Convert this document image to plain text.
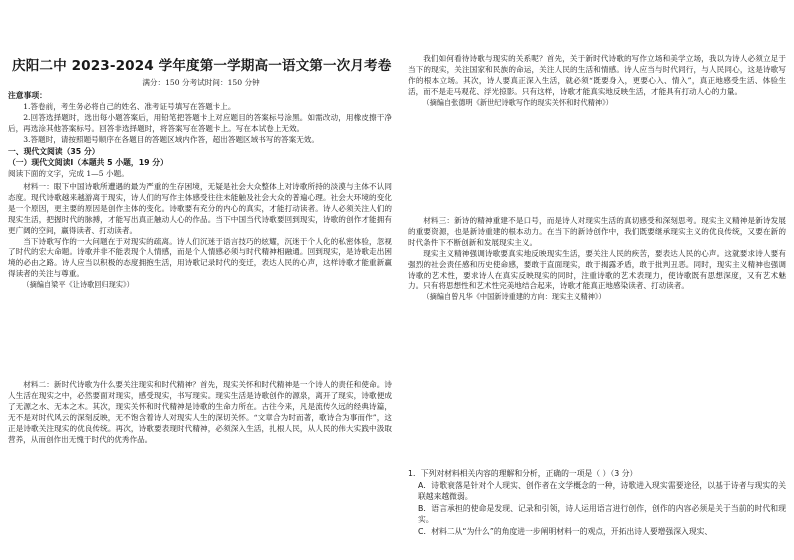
庆阳二中 2023-2024 学年度第一学期高一语文第一次月考卷
满分：150 分考试时间：150 分钟

注意事项：

1.答卷前，考生务必将自己的姓名、准考证号填写在答题卡上。

2.回答选择题时，选出每小题答案后，用铅笔把答题卡上对应题目的答案标号涂黑。如需改动，用橡皮擦干净后，再选涂其他答案标号。回答非选择题时，将答案写在答题卡上。写在本试卷上无效。

3.答题时，请按照题号顺序在各题目的答题区域内作答，超出答题区域书写的答案无效。

一、现代文阅读（35 分）

（一）现代文阅读Ⅰ（本题共 5 小题，19 分）

阅读下面的文字，完成 1—5 小题。

材料一：眼下中国诗歌所遭遇的最为严重的生存困境，无疑是社会大众整体上对诗歌所持的淡漠与主体不认同态度。现代诗歌越来越游离于现实，诗人们的写作主体感受往往未能触及社会大众的普遍心理。社会大环境的变化是一个原因，更主要的原因是创作主体的变化。诗歌要有充分的内心的真实，才能打动读者。诗人必须关注人们的现实生活，把握时代的脉搏，才能写出真正触动人心的作品。当下中国当代诗歌要回到现实，诗歌的创作才能拥有更广阔的空间，赢得读者、打动读者。

当下诗歌写作的一大问题在于对现实的疏离。诗人们沉迷于语言技巧的炫耀，沉迷于个人化的私密体验，忽视了时代的宏大命题。诗歌并非不能表现个人情感，而是个人情感必须与时代精神相融通。回到现实，是诗歌走出困境的必由之路。诗人应当以积极的态度拥抱生活，用诗歌记录时代的变迁，表达人民的心声，这样诗歌才能重新赢得读者的关注与尊重。

（摘编自梁平《让诗歌回归现实》）

材料二：新时代诗歌为什么要关注现实和时代精神？首先，现实关怀和时代精神是一个诗人的责任和使命。诗人生活在现实之中，必然要面对现实，感受现实，书写现实。现实生活是诗歌创作的源泉，离开了现实，诗歌便成了无源之水、无本之木。其次，现实关怀和时代精神是诗歌的生命力所在。古往今来，凡是流传久远的经典诗篇，无不是对时代风云的深刻反映，无不饱含着诗人对现实人生的深切关怀。“文章合为时而著，歌诗合为事而作”，这正是诗歌关注现实的优良传统。再次，诗歌要表现时代精神，必须深入生活，扎根人民，从人民的伟大实践中汲取营养，从而创作出无愧于时代的优秀作品。

我们如何看待诗歌与现实的关系呢？首先，关于新时代诗歌的写作立场和美学立场，我以为诗人必须立足于当下的现实，关注国家和民族的命运，关注人民的生活和情感。诗人应当与时代同行，与人民同心，这是诗歌写作的根本立场。其次，诗人要真正深入生活，就必须“既要身入，更要心入、情入”，真正地感受生活、体验生活，而不是走马观花、浮光掠影。只有这样，诗歌才能真实地反映生活，才能具有打动人心的力量。

（摘编自张德明《新世纪诗歌写作的现实关怀和时代精神》）

材料三：新诗的精神重建不是口号，而是诗人对现实生活的真切感受和深刻思考。现实主义精神是新诗发展的重要资源，也是新诗重建的根本动力。在当下的新诗创作中，我们既要继承现实主义的优良传统，又要在新的时代条件下不断创新和发展现实主义。

现实主义精神强调诗歌要真实地反映现实生活，要关注人民的疾苦，要表达人民的心声。这就要求诗人要有强烈的社会责任感和历史使命感，要敢于直面现实，敢于揭露矛盾，敢于批判丑恶。同时，现实主义精神也强调诗歌的艺术性，要求诗人在真实反映现实的同时，注重诗歌的艺术表现力，使诗歌既有思想深度，又有艺术魅力。只有将思想性和艺术性完美地结合起来，诗歌才能真正地感染读者、打动读者。

（摘编自曾凡华《中国新诗重建的方向：现实主义精神》）

1．下列对材料相关内容的理解和分析，正确的一项是（ ）（3 分）

A．诗歌衰落是针对个人现实、创作者在文学概念的一种，诗歌进入现实需要途径，以基于诗者与现实的关联越来越微弱。

B．语言承担的使命是发现、记录和引领，诗人运用语言进行创作，创作的内容必须是关于当前的时代和现实。

C．材料二从“为什么”的角度进一步阐明材料一的观点，开拓出诗人要增强深入现实、
